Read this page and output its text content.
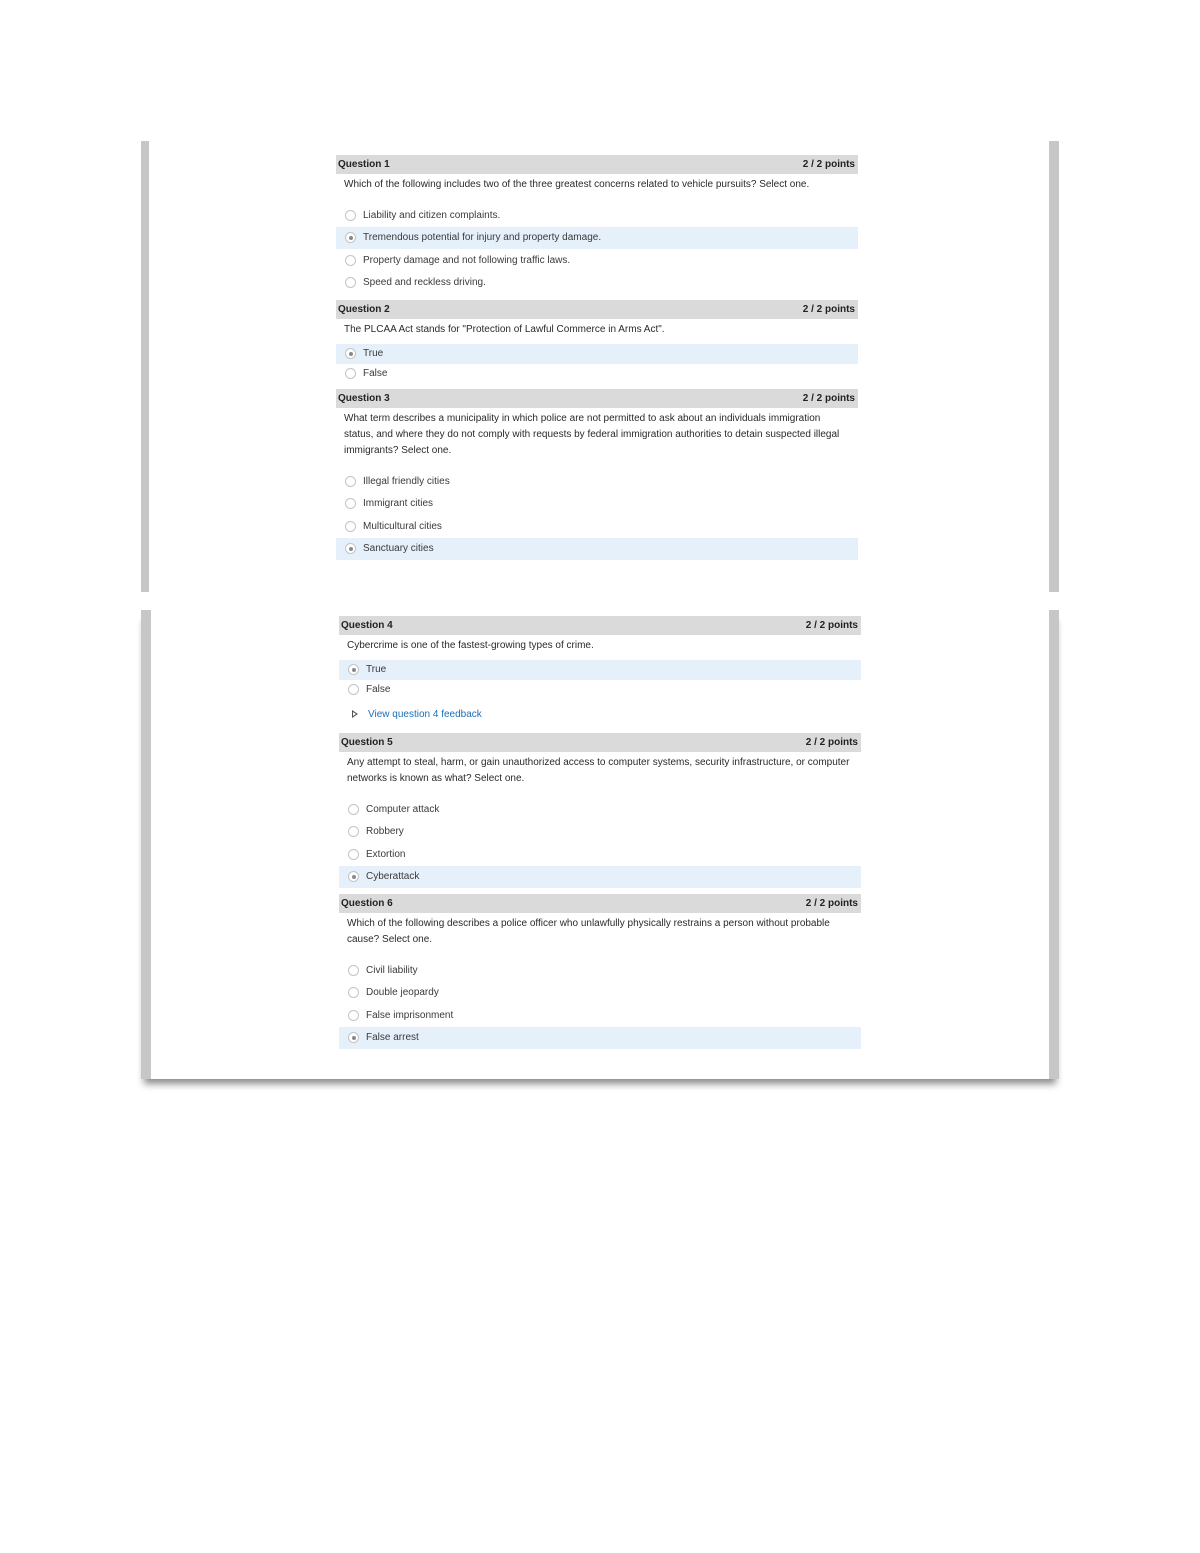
Question 1	2 / 2 points
Which of the following includes two of the three greatest concerns related to vehicle pursuits? Select one.
Liability and citizen complaints.
Tremendous potential for injury and property damage.
Property damage and not following traffic laws.
Speed and reckless driving.
Question 2	2 / 2 points
The PLCAA Act stands for "Protection of Lawful Commerce in Arms Act".
True
False
Question 3	2 / 2 points
What term describes a municipality in which police are not permitted to ask about an individuals immigration status, and where they do not comply with requests by federal immigration authorities to detain suspected illegal immigrants? Select one.
Illegal friendly cities
Immigrant cities
Multicultural cities
Sanctuary cities
Question 4	2 / 2 points
Cybercrime is one of the fastest-growing types of crime.
True
False
View question 4 feedback
Question 5	2 / 2 points
Any attempt to steal, harm, or gain unauthorized access to computer systems, security infrastructure, or computer networks is known as what? Select one.
Computer attack
Robbery
Extortion
Cyberattack
Question 6	2 / 2 points
Which of the following describes a police officer who unlawfully physically restrains a person without probable cause? Select one.
Civil liability
Double jeopardy
False imprisonment
False arrest
